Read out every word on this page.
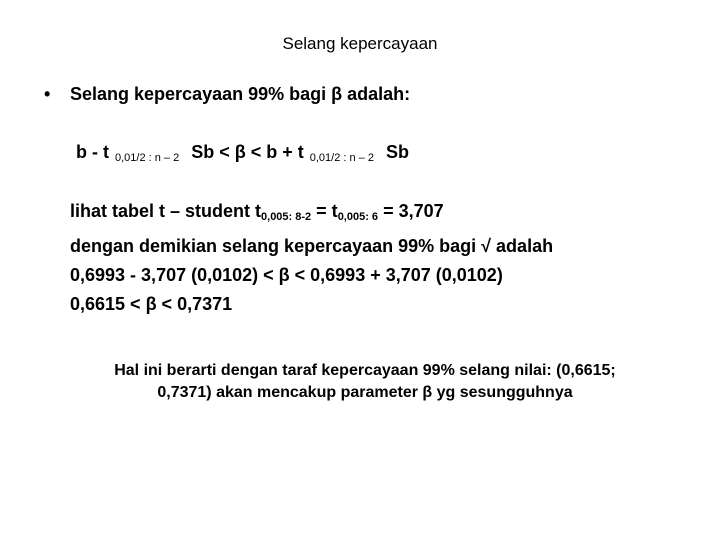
Selang kepercayaan
• Selang kepercayaan 99% bagi β adalah:
b - t $_{0,01/2 : n - 2}$ Sb < β < b + t $_{0,01/2 : n - 2}$ Sb
lihat tabel t – student t0,005: 8-2 = t0,005: 6 = 3,707
dengan demikian selang kepercayaan 99% bagi √ adalah
0,6993 - 3,707 (0,0102) < β < 0,6993 + 3,707 (0,0102)
0,6615 < β < 0,7371
Hal ini berarti dengan taraf kepercayaan 99% selang nilai: (0,6615;
0,7371) akan mencakup parameter β yg sesungguhnya
